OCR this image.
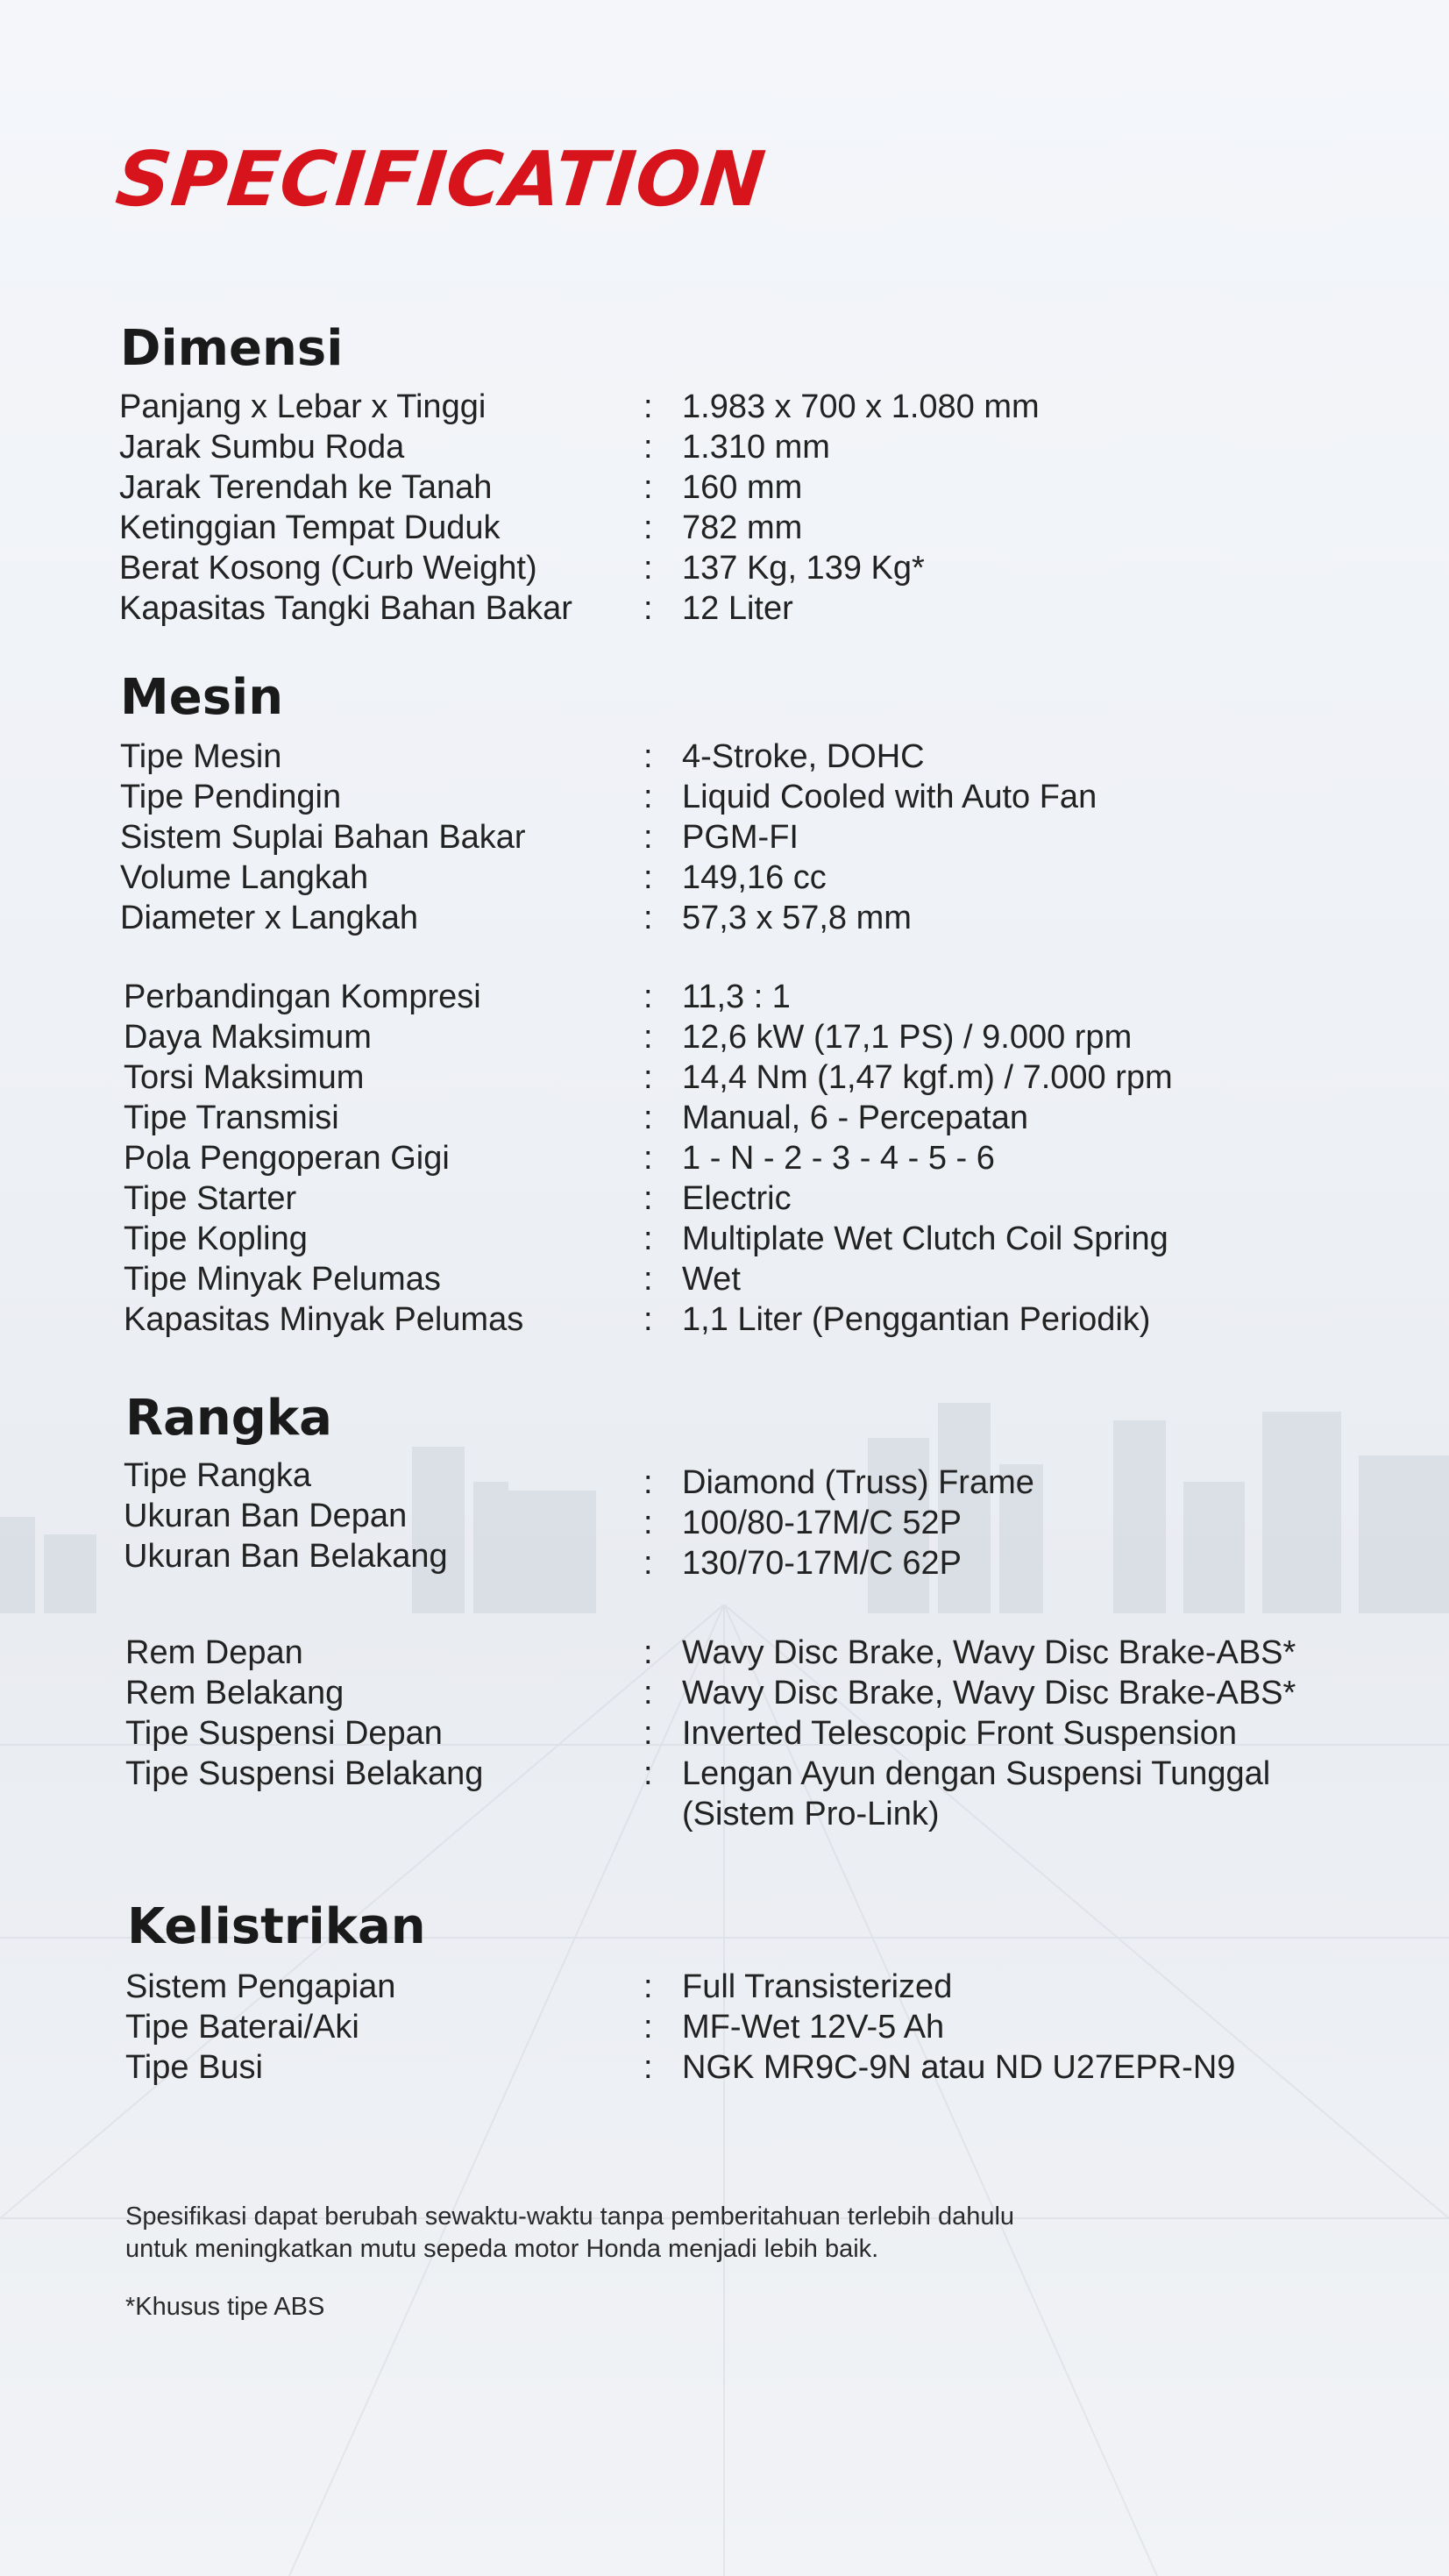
SPECIFICATION
Dimensi
Panjang x Lebar x Tinggi	: 1.983 x 700 x 1.080 mm
Jarak Sumbu Roda	: 1.310 mm
Jarak Terendah ke Tanah	: 160 mm
Ketinggian Tempat Duduk	: 782 mm
Berat Kosong (Curb Weight)	: 137 Kg, 139 Kg*
Kapasitas Tangki Bahan Bakar : 12 Liter
Mesin
Tipe Mesin	: 4-Stroke, DOHC
Tipe Pendingin	: Liquid Cooled with Auto Fan
Sistem Suplai Bahan Bakar	: PGM-FI
Volume Langkah	: 149,16 cc
Diameter x Langkah	: 57,3 x 57,8 mm
Perbandingan Kompresi	: 11,3 : 1
Daya Maksimum	: 12,6 kW (17,1 PS) / 9.000 rpm
Torsi Maksimum	: 14,4 Nm (1,47 kgf.m) / 7.000 rpm
Tipe Transmisi	: Manual, 6 - Percepatan
Pola Pengoperan Gigi	: 1 - N - 2 - 3 - 4 - 5 - 6
Tipe Starter	: Electric
Tipe Kopling	: Multiplate Wet Clutch Coil Spring
Tipe Minyak Pelumas	: Wet
Kapasitas Minyak Pelumas	: 1,1 Liter (Penggantian Periodik)
Rangka
Tipe Rangka	: Diamond (Truss) Frame
Ukuran Ban Depan	: 100/80-17M/C 52P
Ukuran Ban Belakang	: 130/70-17M/C 62P
Rem Depan	: Wavy Disc Brake, Wavy Disc Brake-ABS*
Rem Belakang	: Wavy Disc Brake, Wavy Disc Brake-ABS*
Tipe Suspensi Depan	: Inverted Telescopic Front Suspension
Tipe Suspensi Belakang	: Lengan Ayun dengan Suspensi Tunggal
(Sistem Pro-Link)
Kelistrikan
Sistem Pengapian	: Full Transisterized
Tipe Baterai/Aki	: MF-Wet 12V-5 Ah
Tipe Busi	: NGK MR9C-9N atau ND U27EPR-N9

Spesifikasi dapat berubah sewaktu-waktu tanpa pemberitahuan terlebih dahulu

untuk meningkatkan mutu sepeda motor Honda menjadi lebih baik.

*Khusus tipe ABS
